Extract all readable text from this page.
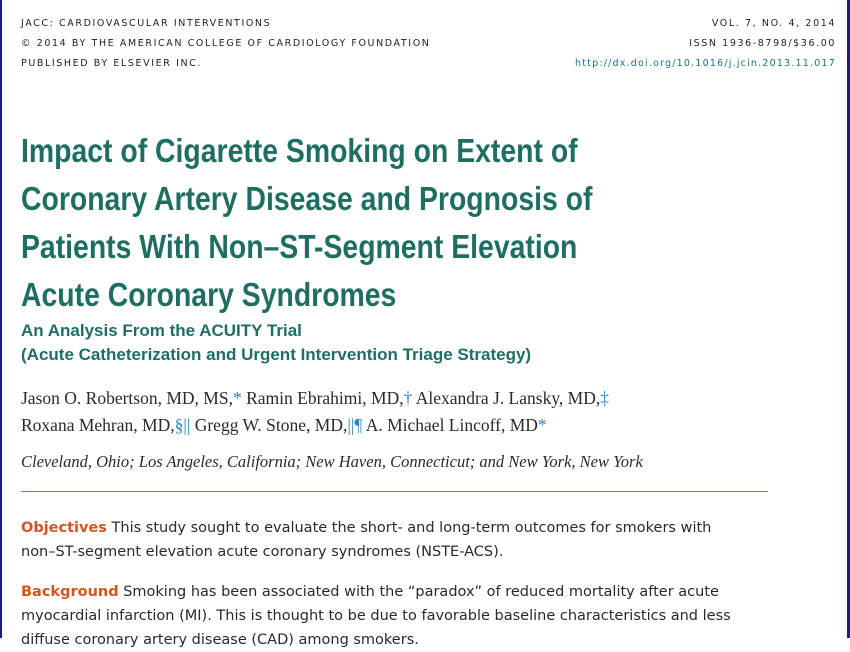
JACC: CARDIOVASCULAR INTERVENTIONS
© 2014 BY THE AMERICAN COLLEGE OF CARDIOLOGY FOUNDATION
PUBLISHED BY ELSEVIER INC.
VOL. 7, NO. 4, 2014
ISSN 1936-8798/$36.00
http://dx.doi.org/10.1016/j.jcin.2013.11.017
Impact of Cigarette Smoking on Extent of
Coronary Artery Disease and Prognosis of
Patients With Non–ST-Segment Elevation
Acute Coronary Syndromes
An Analysis From the ACUITY Trial
(Acute Catheterization and Urgent Intervention Triage Strategy)
Jason O. Robertson, MD, MS,* Ramin Ebrahimi, MD,† Alexandra J. Lansky, MD,‡
Roxana Mehran, MD,§|| Gregg W. Stone, MD,||¶ A. Michael Lincoff, MD*
Cleveland, Ohio; Los Angeles, California; New Haven, Connecticut; and New York, New York
Objectives This study sought to evaluate the short- and long-term outcomes for smokers with
non–ST-segment elevation acute coronary syndromes (NSTE-ACS).
Background Smoking has been associated with the “paradox” of reduced mortality after acute
myocardial infarction (MI). This is thought to be due to favorable baseline characteristics and less
diffuse coronary artery disease (CAD) among smokers.
